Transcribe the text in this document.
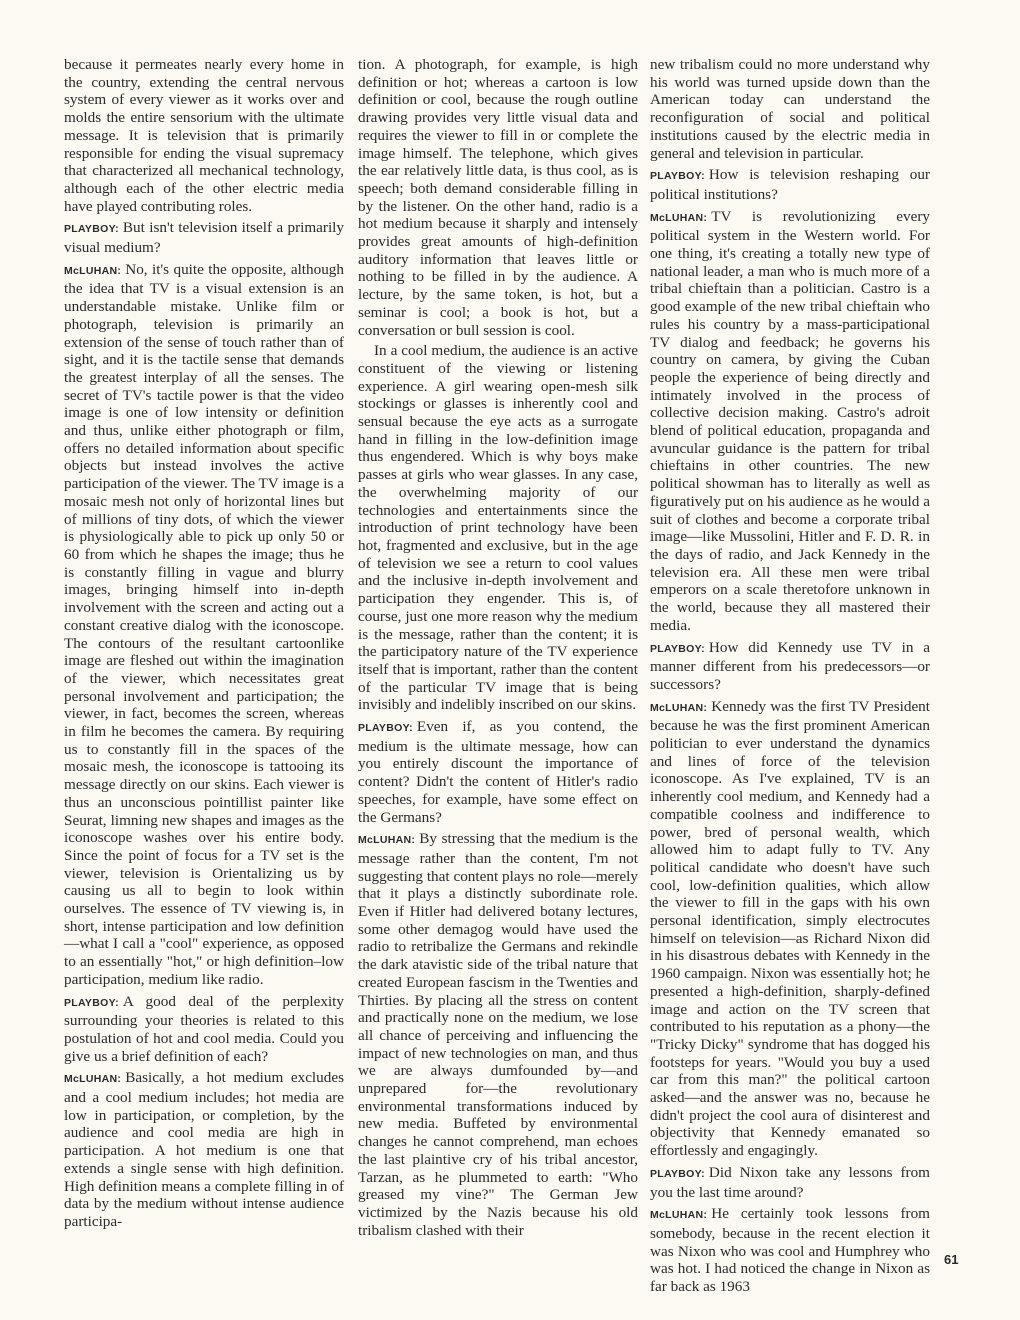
because it permeates nearly every home in the country, extending the central nervous system of every viewer as it works over and molds the entire sensorium with the ultimate message. It is television that is primarily responsible for ending the visual supremacy that characterized all mechanical technology, although each of the other electric media have played contributing roles.

PLAYBOY: But isn't television itself a primarily visual medium?

McLUHAN: No, it's quite the opposite, although the idea that TV is a visual extension is an understandable mistake. Unlike film or photograph, television is primarily an extension of the sense of touch rather than of sight, and it is the tactile sense that demands the greatest interplay of all the senses. The secret of TV's tactile power is that the video image is one of low intensity or definition and thus, unlike either photograph or film, offers no detailed information about specific objects but instead involves the active participation of the viewer. The TV image is a mosaic mesh not only of horizontal lines but of millions of tiny dots, of which the viewer is physiologically able to pick up only 50 or 60 from which he shapes the image; thus he is constantly filling in vague and blurry images, bringing himself into in-depth involvement with the screen and acting out a constant creative dialog with the iconoscope. The contours of the resultant cartoonlike image are fleshed out within the imagination of the viewer, which necessitates great personal involvement and participation; the viewer, in fact, becomes the screen, whereas in film he becomes the camera. By requiring us to constantly fill in the spaces of the mosaic mesh, the iconoscope is tattooing its message directly on our skins. Each viewer is thus an unconscious pointillist painter like Seurat, limning new shapes and images as the iconoscope washes over his entire body. Since the point of focus for a TV set is the viewer, television is Orientalizing us by causing us all to begin to look within ourselves. The essence of TV viewing is, in short, intense participation and low definition—what I call a "cool" experience, as opposed to an essentially "hot," or high definition–low participation, medium like radio.

PLAYBOY: A good deal of the perplexity surrounding your theories is related to this postulation of hot and cool media. Could you give us a brief definition of each?

McLUHAN: Basically, a hot medium excludes and a cool medium includes; hot media are low in participation, or completion, by the audience and cool media are high in participation. A hot medium is one that extends a single sense with high definition. High definition means a complete filling in of data by the medium without intense audience participa-

tion. A photograph, for example, is high definition or hot; whereas a cartoon is low definition or cool, because the rough outline drawing provides very little visual data and requires the viewer to fill in or complete the image himself. The telephone, which gives the ear relatively little data, is thus cool, as is speech; both demand considerable filling in by the listener. On the other hand, radio is a hot medium because it sharply and intensely provides great amounts of high-definition auditory information that leaves little or nothing to be filled in by the audience. A lecture, by the same token, is hot, but a seminar is cool; a book is hot, but a conversation or bull session is cool.

In a cool medium, the audience is an active constituent of the viewing or listening experience. A girl wearing open-mesh silk stockings or glasses is inherently cool and sensual because the eye acts as a surrogate hand in filling in the low-definition image thus engendered. Which is why boys make passes at girls who wear glasses. In any case, the overwhelming majority of our technologies and entertainments since the introduction of print technology have been hot, fragmented and exclusive, but in the age of television we see a return to cool values and the inclusive in-depth involvement and participation they engender. This is, of course, just one more reason why the medium is the message, rather than the content; it is the participatory nature of the TV experience itself that is important, rather than the content of the particular TV image that is being invisibly and indelibly inscribed on our skins.

PLAYBOY: Even if, as you contend, the medium is the ultimate message, how can you entirely discount the importance of content? Didn't the content of Hitler's radio speeches, for example, have some effect on the Germans?

McLUHAN: By stressing that the medium is the message rather than the content, I'm not suggesting that content plays no role—merely that it plays a distinctly subordinate role. Even if Hitler had delivered botany lectures, some other demagog would have used the radio to retribalize the Germans and rekindle the dark atavistic side of the tribal nature that created European fascism in the Twenties and Thirties. By placing all the stress on content and practically none on the medium, we lose all chance of perceiving and influencing the impact of new technologies on man, and thus we are always dumfounded by—and unprepared for—the revolutionary environmental transformations induced by new media. Buffeted by environmental changes he cannot comprehend, man echoes the last plaintive cry of his tribal ancestor, Tarzan, as he plummeted to earth: "Who greased my vine?" The German Jew victimized by the Nazis because his old tribalism clashed with their

new tribalism could no more understand why his world was turned upside down than the American today can understand the reconfiguration of social and political institutions caused by the electric media in general and television in particular.

PLAYBOY: How is television reshaping our political institutions?

McLUHAN: TV is revolutionizing every political system in the Western world. For one thing, it's creating a totally new type of national leader, a man who is much more of a tribal chieftain than a politician. Castro is a good example of the new tribal chieftain who rules his country by a mass-participational TV dialog and feedback; he governs his country on camera, by giving the Cuban people the experience of being directly and intimately involved in the process of collective decision making. Castro's adroit blend of political education, propaganda and avuncular guidance is the pattern for tribal chieftains in other countries. The new political showman has to literally as well as figuratively put on his audience as he would a suit of clothes and become a corporate tribal image—like Mussolini, Hitler and F. D. R. in the days of radio, and Jack Kennedy in the television era. All these men were tribal emperors on a scale theretofore unknown in the world, because they all mastered their media.

PLAYBOY: How did Kennedy use TV in a manner different from his predecessors—or successors?

McLUHAN: Kennedy was the first TV President because he was the first prominent American politician to ever understand the dynamics and lines of force of the television iconoscope. As I've explained, TV is an inherently cool medium, and Kennedy had a compatible coolness and indifference to power, bred of personal wealth, which allowed him to adapt fully to TV. Any political candidate who doesn't have such cool, low-definition qualities, which allow the viewer to fill in the gaps with his own personal identification, simply electrocutes himself on television—as Richard Nixon did in his disastrous debates with Kennedy in the 1960 campaign. Nixon was essentially hot; he presented a high-definition, sharply-defined image and action on the TV screen that contributed to his reputation as a phony—the "Tricky Dicky" syndrome that has dogged his footsteps for years. "Would you buy a used car from this man?" the political cartoon asked—and the answer was no, because he didn't project the cool aura of disinterest and objectivity that Kennedy emanated so effortlessly and engagingly.

PLAYBOY: Did Nixon take any lessons from you the last time around?

McLUHAN: He certainly took lessons from somebody, because in the recent election it was Nixon who was cool and Humphrey who was hot. I had noticed the change in Nixon as far back as 1963

61
